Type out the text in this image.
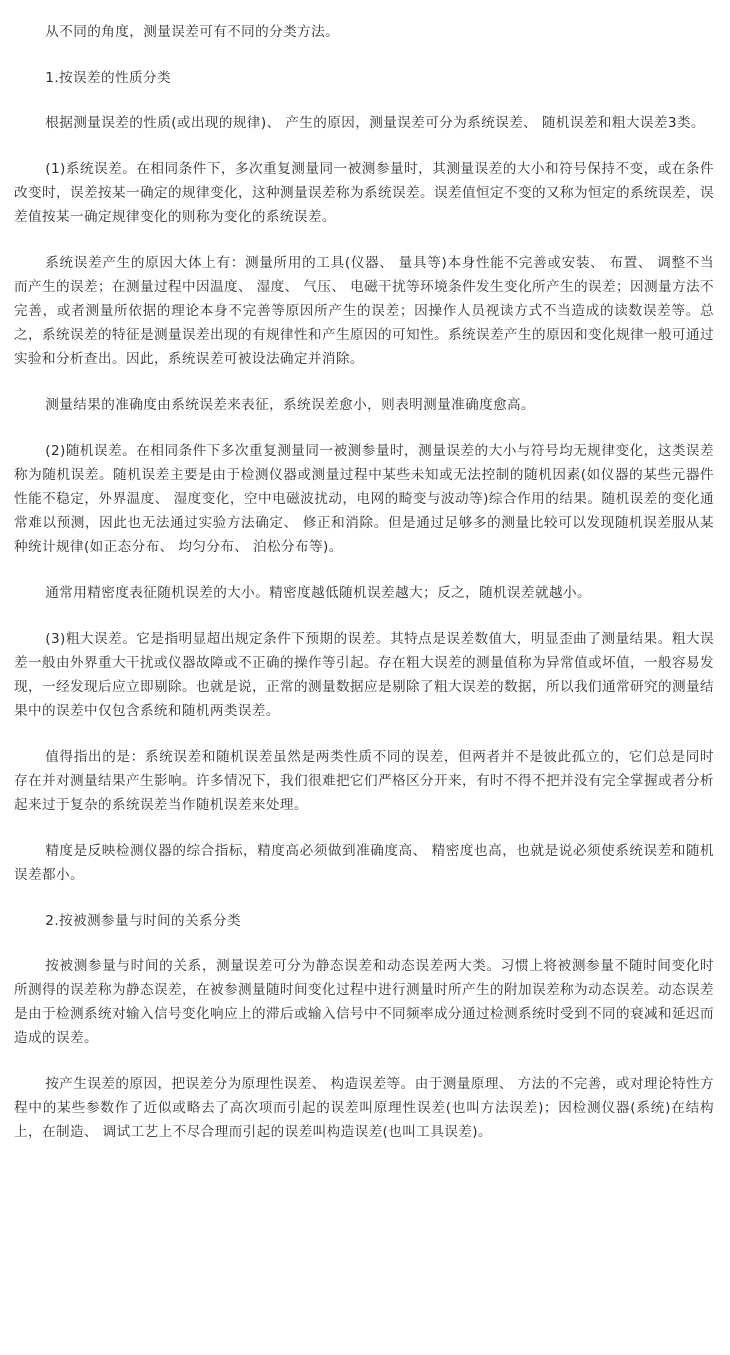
从不同的角度，测量误差可有不同的分类方法。

1.按误差的性质分类

根据测量误差的性质(或出现的规律)、 产生的原因，测量误差可分为系统误差、 随机误差和粗大误差3类。

(1)系统误差。在相同条件下，多次重复测量同一被测参量时，其测量误差的大小和符号保持不变，或在条件改变时，误差按某一确定的规律变化，这种测量误差称为系统误差。误差值恒定不变的又称为恒定的系统误差，误差值按某一确定规律变化的则称为变化的系统误差。

系统误差产生的原因大体上有：测量所用的工具(仪器、 量具等)本身性能不完善或安装、 布置、 调整不当而产生的误差；在测量过程中因温度、 湿度、 气压、 电磁干扰等环境条件发生变化所产生的误差；因测量方法不完善，或者测量所依据的理论本身不完善等原因所产生的误差；因操作人员视读方式不当造成的读数误差等。总之，系统误差的特征是测量误差出现的有规律性和产生原因的可知性。系统误差产生的原因和变化规律一般可通过实验和分析查出。因此，系统误差可被设法确定并消除。

测量结果的准确度由系统误差来表征，系统误差愈小，则表明测量准确度愈高。

(2)随机误差。在相同条件下多次重复测量同一被测参量时，测量误差的大小与符号均无规律变化，这类误差称为随机误差。随机误差主要是由于检测仪器或测量过程中某些未知或无法控制的随机因素(如仪器的某些元器件性能不稳定，外界温度、 湿度变化，空中电磁波扰动，电网的畸变与波动等)综合作用的结果。随机误差的变化通常难以预测，因此也无法通过实验方法确定、 修正和消除。但是通过足够多的测量比较可以发现随机误差服从某种统计规律(如正态分布、 均匀分布、 泊松分布等)。

通常用精密度表征随机误差的大小。精密度越低随机误差越大；反之，随机误差就越小。

(3)粗大误差。它是指明显超出规定条件下预期的误差。其特点是误差数值大，明显歪曲了测量结果。粗大误差一般由外界重大干扰或仪器故障或不正确的操作等引起。存在粗大误差的测量值称为异常值或坏值，一般容易发现，一经发现后应立即剔除。也就是说，正常的测量数据应是剔除了粗大误差的数据，所以我们通常研究的测量结果中的误差中仅包含系统和随机两类误差。

值得指出的是：系统误差和随机误差虽然是两类性质不同的误差，但两者并不是彼此孤立的，它们总是同时存在并对测量结果产生影响。许多情况下，我们很难把它们严格区分开来，有时不得不把并没有完全掌握或者分析起来过于复杂的系统误差当作随机误差来处理。

精度是反映检测仪器的综合指标，精度高必须做到准确度高、 精密度也高，也就是说必须使系统误差和随机误差都小。

2.按被测参量与时间的关系分类

按被测参量与时间的关系，测量误差可分为静态误差和动态误差两大类。习惯上将被测参量不随时间变化时所测得的误差称为静态误差，在被参测量随时间变化过程中进行测量时所产生的附加误差称为动态误差。动态误差是由于检测系统对输入信号变化响应上的滞后或输入信号中不同频率成分通过检测系统时受到不同的衰减和延迟而造成的误差。

按产生误差的原因，把误差分为原理性误差、 构造误差等。由于测量原理、 方法的不完善，或对理论特性方程中的某些参数作了近似或略去了高次项而引起的误差叫原理性误差(也叫方法误差)；因检测仪器(系统)在结构上，在制造、 调试工艺上不尽合理而引起的误差叫构造误差(也叫工具误差)。
